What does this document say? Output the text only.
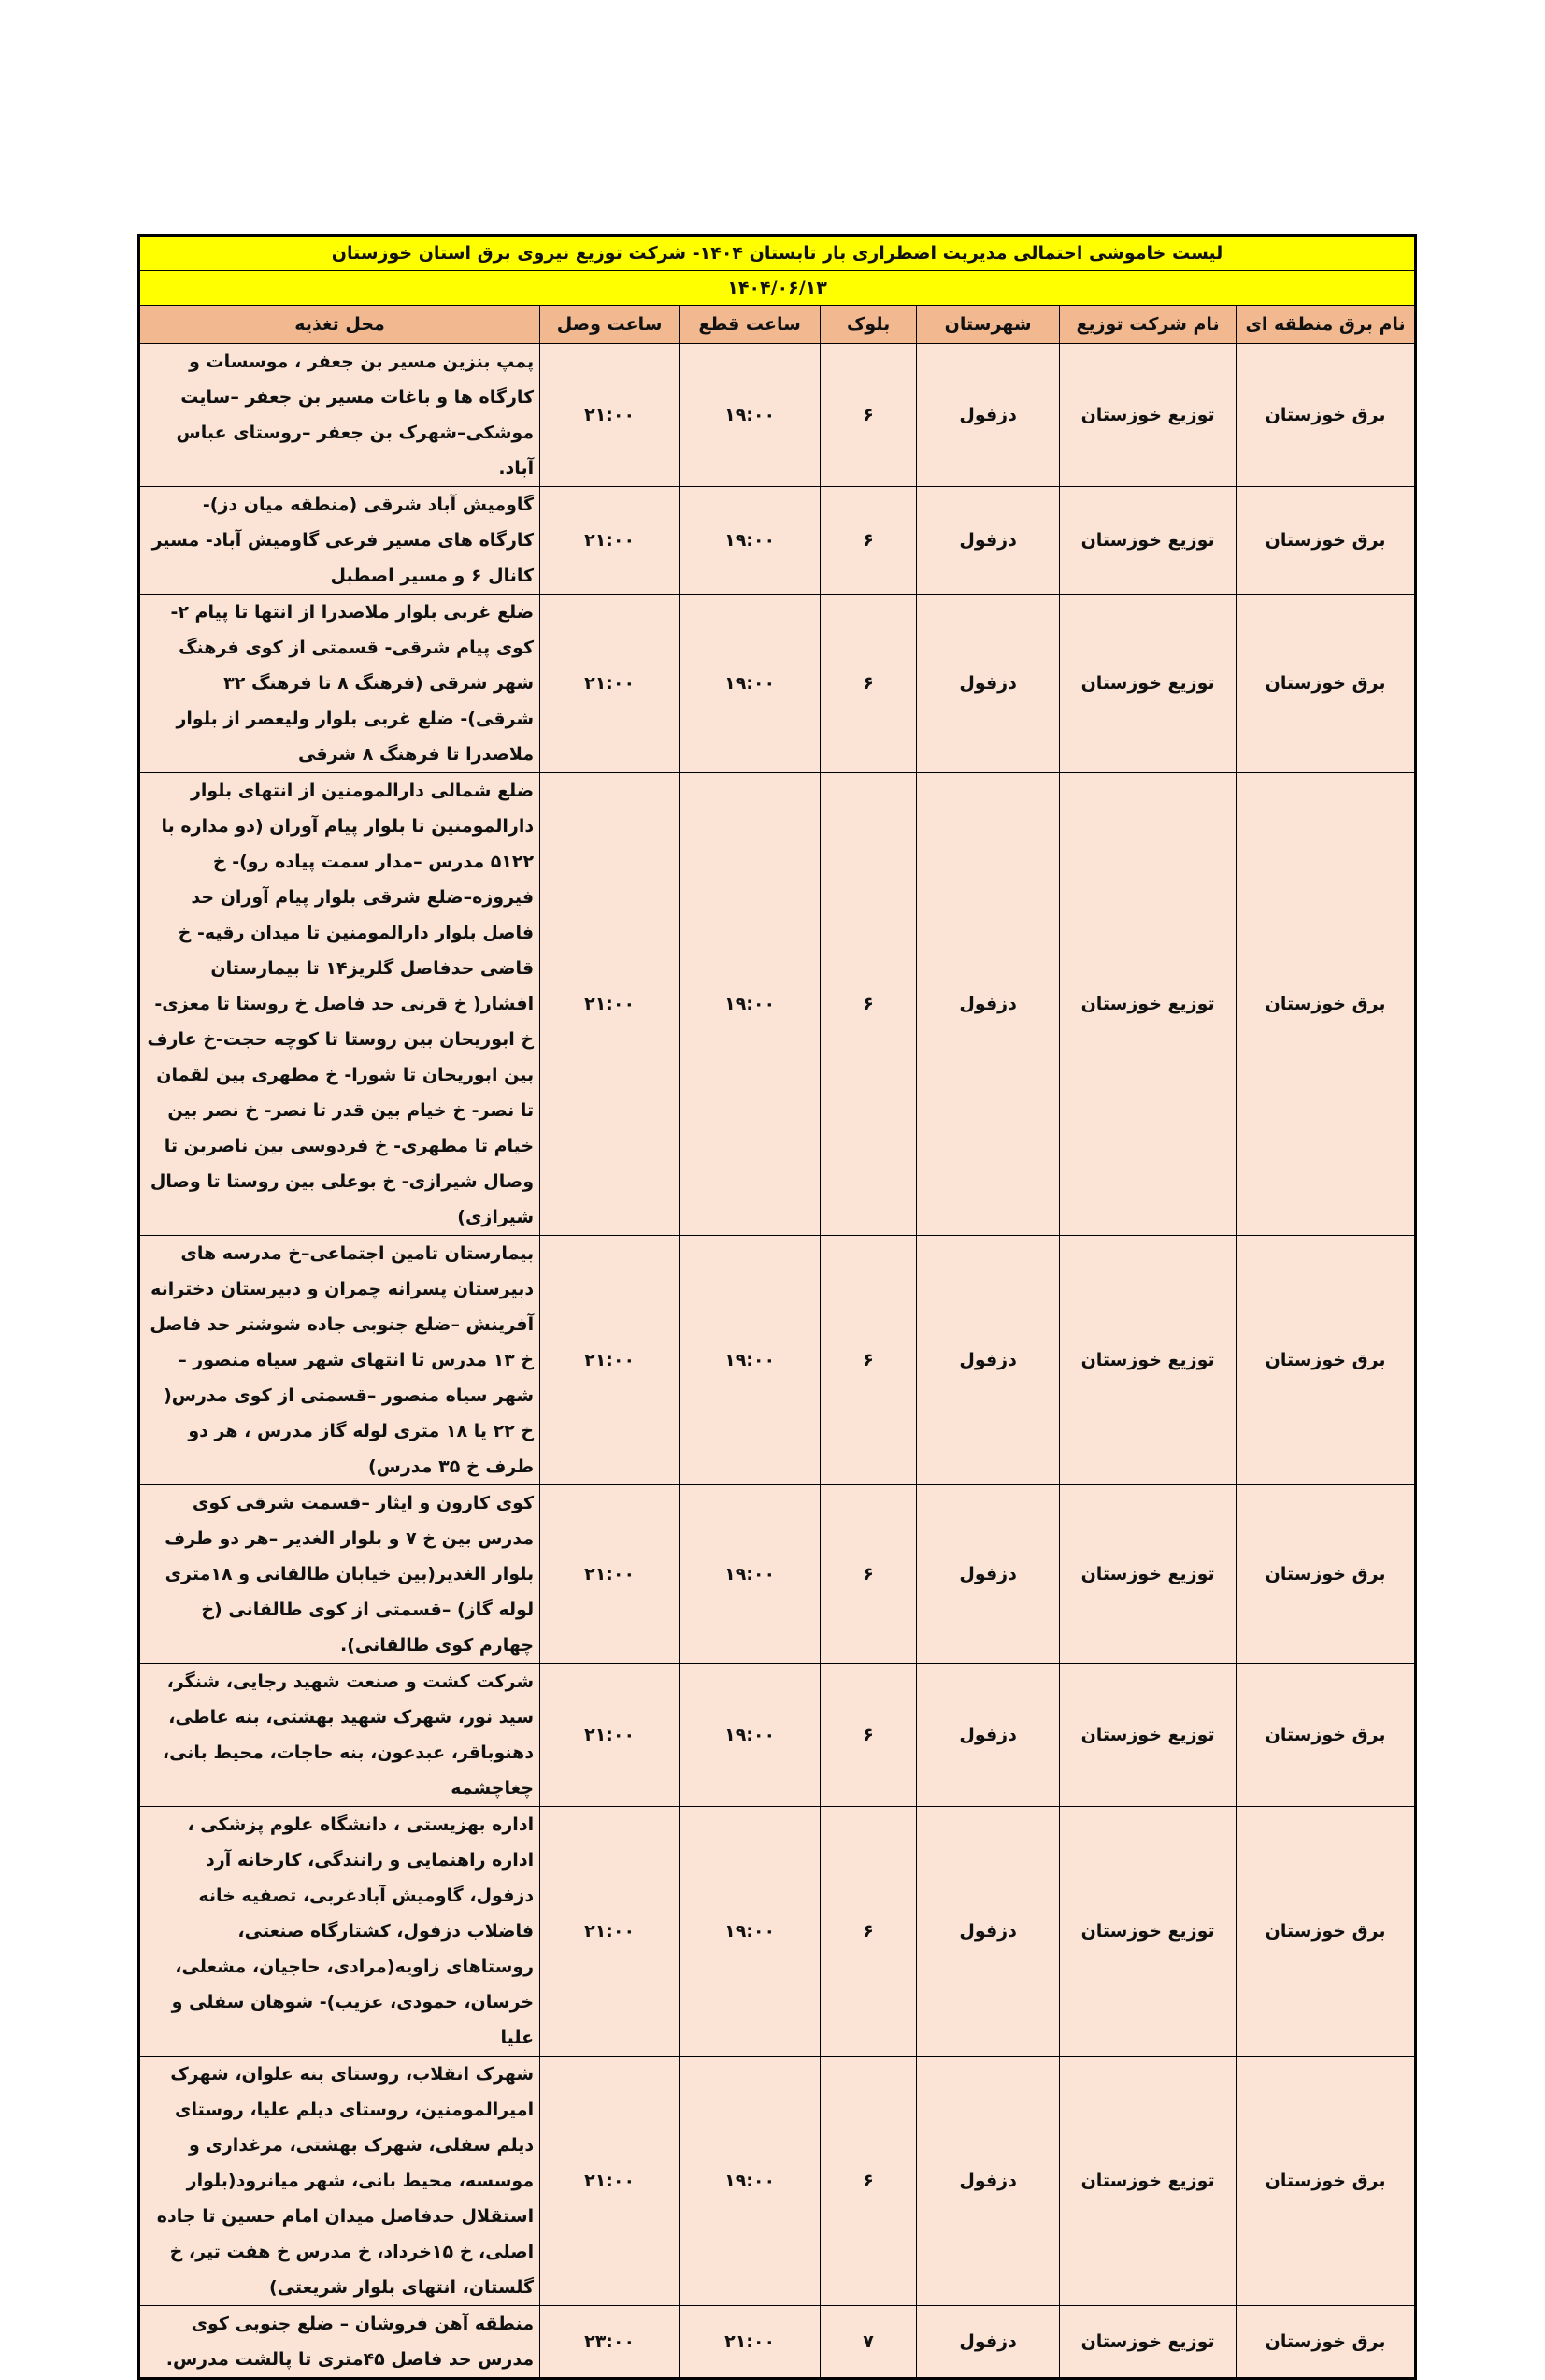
لیست خاموشی احتمالی مدیریت اضطراری بار تابستان ۱۴۰۴- شرکت توزیع نیروی برق استان خوزستان						
۱۴۰۴/۰۶/۱۳						
نام برق منطقه ای	نام شرکت توزیع	شهرستان	بلوک	ساعت قطع	ساعت وصل	محل تغذیه
برق خوزستان	توزیع خوزستان	دزفول	۶	۱۹:۰۰	۲۱:۰۰	پمپ بنزین مسیر بن جعفر ، موسسات و کارگاه ها و باغات مسیر بن جعفر –سایت موشکی–شهرک بن جعفر –روستای عباس آباد.
برق خوزستان	توزیع خوزستان	دزفول	۶	۱۹:۰۰	۲۱:۰۰	گاومیش آباد شرقی (منطقه میان دز)- کارگاه های مسیر فرعی گاومیش آباد- مسیر کانال ۶ و مسیر اصطبل
برق خوزستان	توزیع خوزستان	دزفول	۶	۱۹:۰۰	۲۱:۰۰	ضلع غربی بلوار ملاصدرا از انتها تا پیام ۲- کوی پیام شرقی- قسمتی از کوی فرهنگ شهر شرقی (فرهنگ ۸ تا فرهنگ ۳۲ شرقی)- ضلع غربی بلوار ولیعصر از بلوار ملاصدرا تا فرهنگ ۸ شرقی
برق خوزستان	توزیع خوزستان	دزفول	۶	۱۹:۰۰	۲۱:۰۰	ضلع شمالی دارالمومنین از انتهای بلوار دارالمومنین تا بلوار پیام آوران (دو مداره با ۵۱۲۲ مدرس –مدار سمت پیاده رو)- خ فیروزه–ضلع شرقی بلوار پیام آوران حد فاصل بلوار دارالمومنین تا میدان رقیه- خ قاضی حدفاصل گلریز۱۴ تا بیمارستان افشار( خ قرنی حد فاصل خ روستا تا معزی- خ ابوریحان بین روستا تا کوچه حجت-خ عارف بین ابوریحان تا شورا- خ مطهری بین لقمان تا نصر- خ خیام بین قدر تا نصر- خ نصر بین خیام تا مطهری- خ فردوسی بین ناصربن تا وصال شیرازی- خ بوعلی بین روستا تا وصال شیرازی)
برق خوزستان	توزیع خوزستان	دزفول	۶	۱۹:۰۰	۲۱:۰۰	بیمارستان تامین اجتماعی–خ مدرسه های دبیرستان پسرانه چمران و دبیرستان دخترانه آفرینش –ضلع جنوبی جاده شوشتر حد فاصل خ ۱۳ مدرس تا انتهای شهر سیاه منصور –شهر سیاه منصور –قسمتی از کوی مدرس( خ ۲۲ یا ۱۸ متری لوله گاز مدرس ، هر دو طرف خ ۳۵ مدرس)
برق خوزستان	توزیع خوزستان	دزفول	۶	۱۹:۰۰	۲۱:۰۰	کوی کارون و ایثار –قسمت شرقی کوی مدرس بین خ ۷ و بلوار الغدیر –هر دو طرف بلوار الغدیر(بین خیابان طالقانی و ۱۸متری لوله گاز) –قسمتی از کوی طالقانی (خ چهارم کوی طالقانی).
برق خوزستان	توزیع خوزستان	دزفول	۶	۱۹:۰۰	۲۱:۰۰	شرکت کشت و صنعت شهید رجایی، شنگر، سید نور، شهرک شهید بهشتی، بنه عاطی، دهنوباقر، عبدعون، بنه حاجات، محیط بانی، چغاچشمه
برق خوزستان	توزیع خوزستان	دزفول	۶	۱۹:۰۰	۲۱:۰۰	اداره بهزیستی ، دانشگاه علوم پزشکی ، اداره راهنمایی و رانندگی، کارخانه آرد دزفول، گاومیش آبادغربی، تصفیه خانه فاضلاب دزفول، کشتارگاه صنعتی، روستاهای زاویه(مرادی، حاجیان، مشعلی، خرسان، حمودی، عزیب)- شوهان سفلی و علیا
برق خوزستان	توزیع خوزستان	دزفول	۶	۱۹:۰۰	۲۱:۰۰	شهرک انقلاب، روستای بنه علوان، شهرک امیرالمومنین، روستای دیلم علیا، روستای دیلم سفلی، شهرک بهشتی، مرغداری و موسسه، محیط بانی، شهر میانرود(بلوار استقلال حدفاصل میدان امام حسین تا جاده اصلی، خ ۱۵خرداد، خ مدرس خ هفت تیر، خ گلستان، انتهای بلوار شریعتی)
برق خوزستان	توزیع خوزستان	دزفول	۷	۲۱:۰۰	۲۳:۰۰	منطقه آهن فروشان – ضلع جنوبی کوی مدرس حد فاصل ۴۵متری تا پالشت مدرس.
